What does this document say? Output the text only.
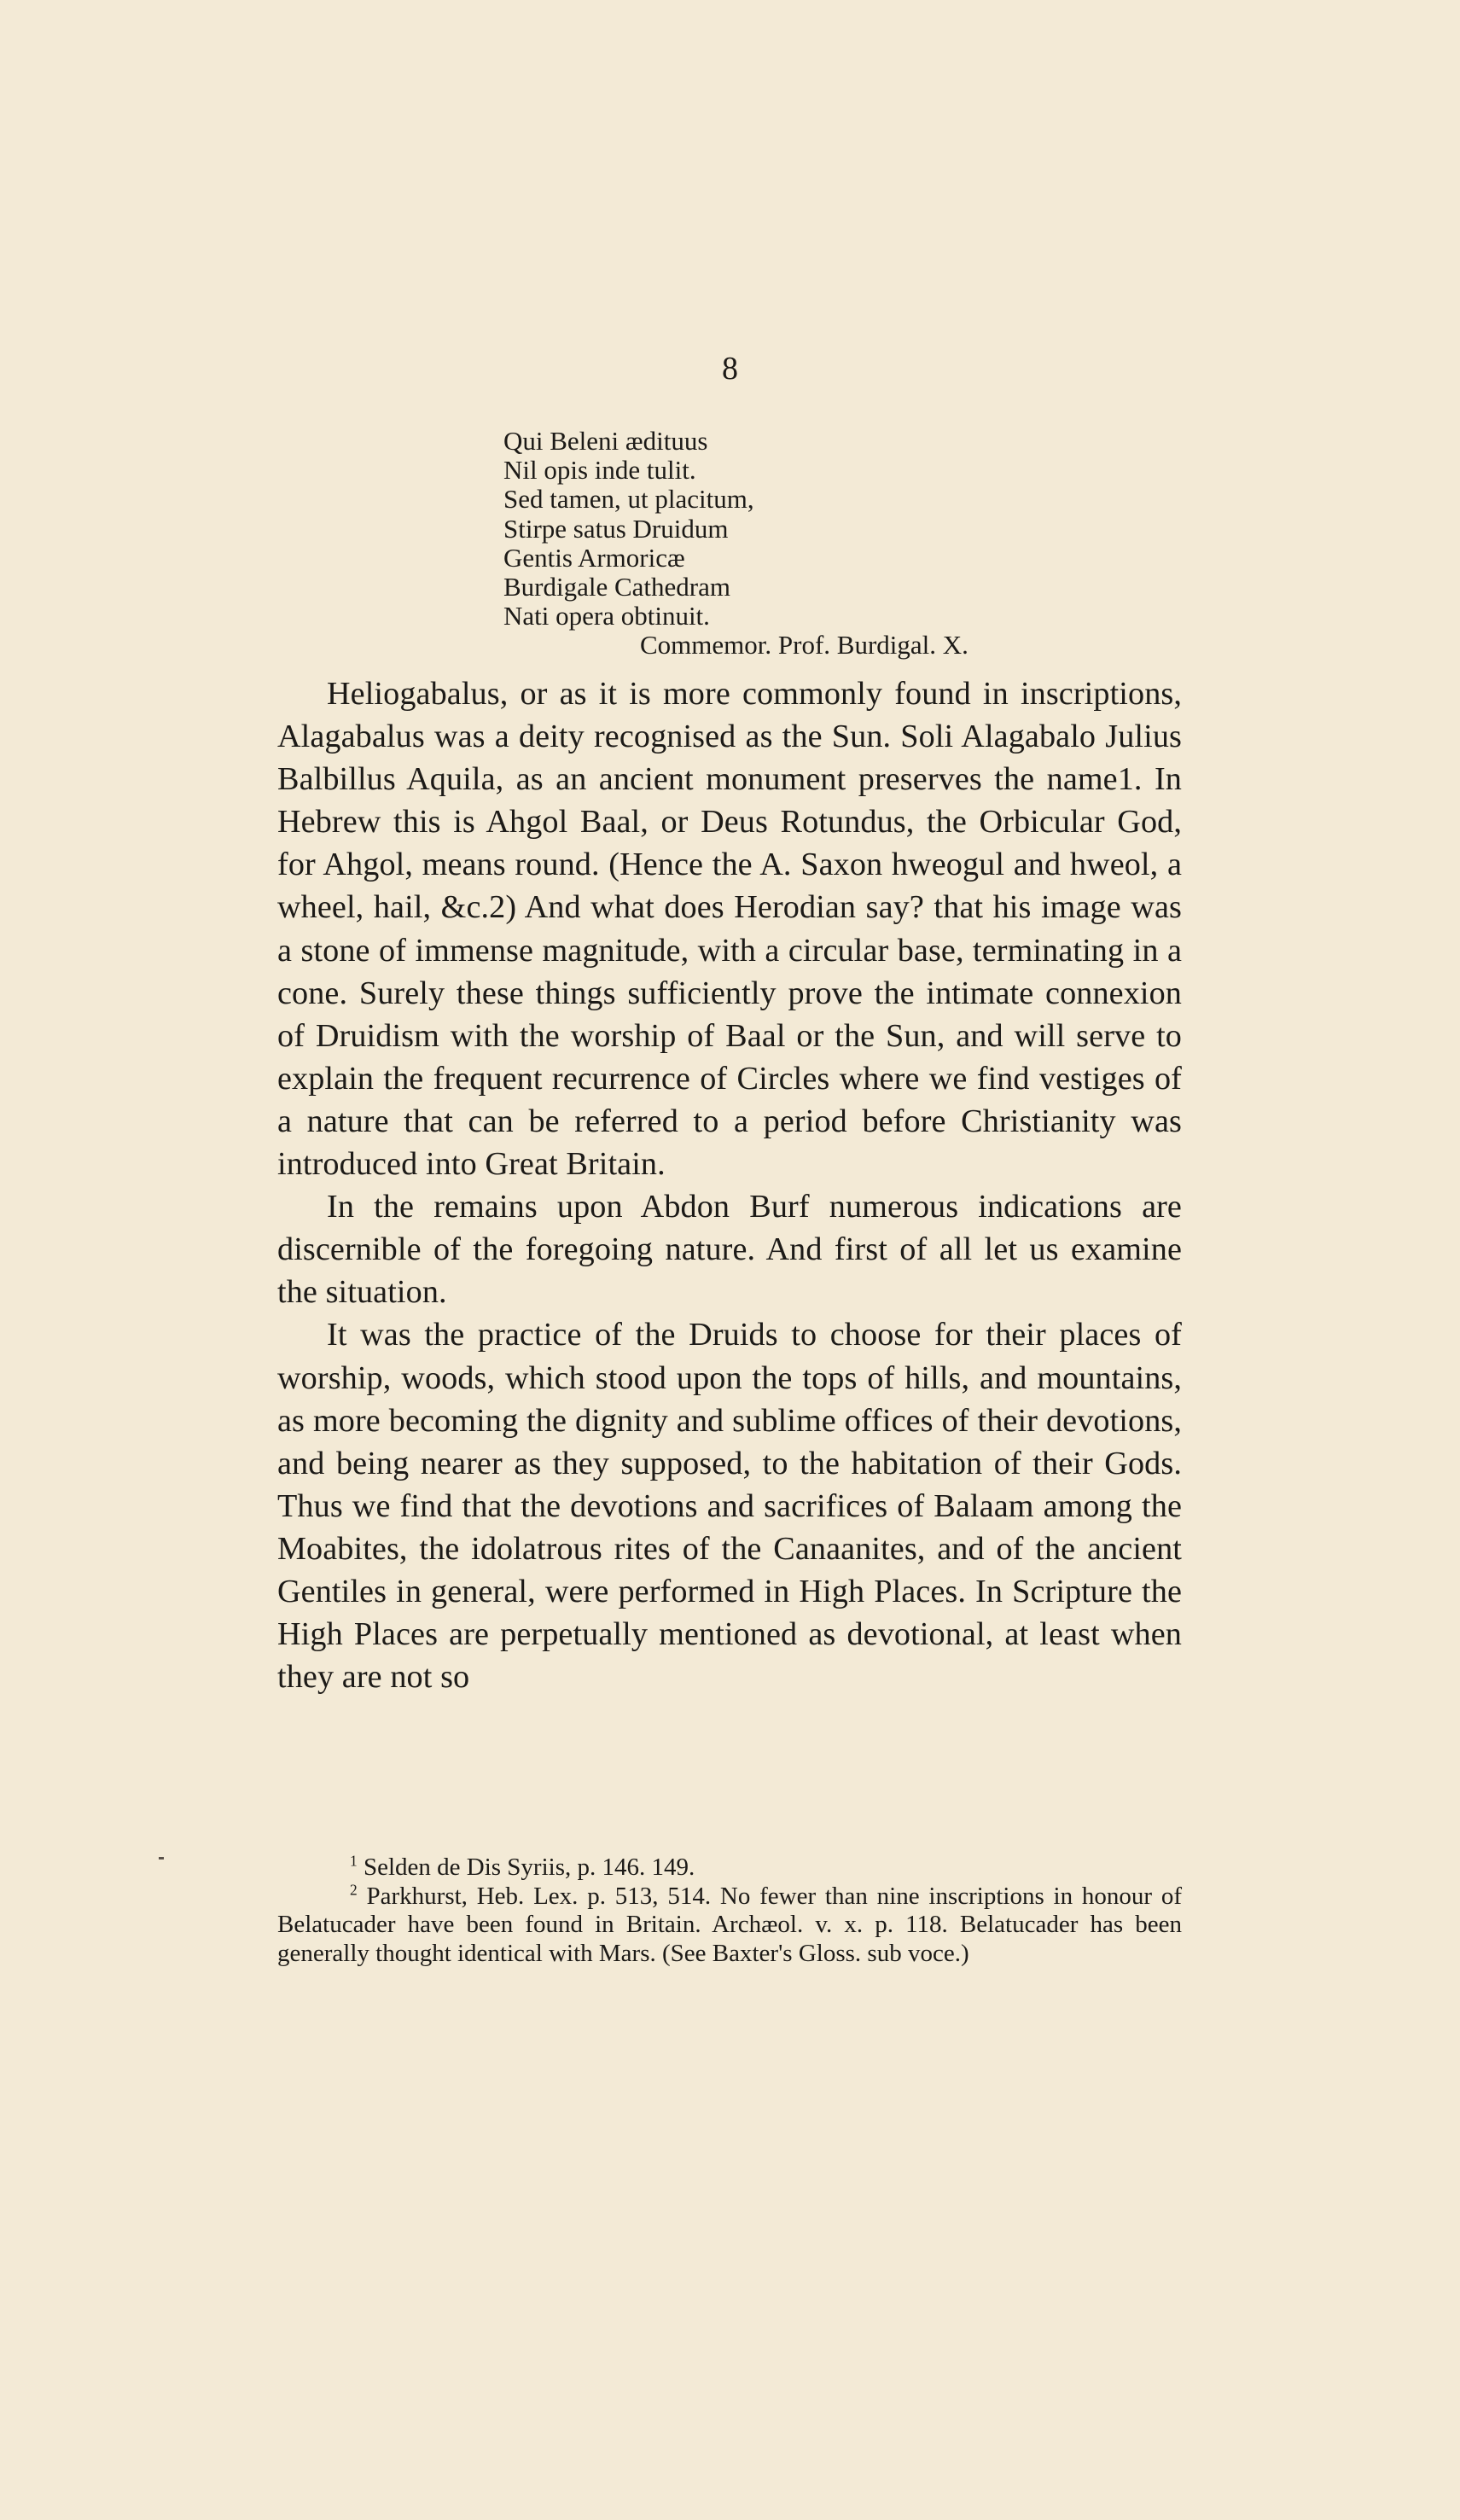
8
Qui Beleni ædituus
Nil opis inde tulit.
Sed tamen, ut placitum,
Stirpe satus Druidum
Gentis Armoricæ
Burdigale Cathedram
Nati opera obtinuit.
Commemor. Prof. Burdigal. X.

Heliogabalus, or as it is more commonly found in inscriptions, Alagabalus was a deity recognised as the Sun. Soli Alagabalo Julius Balbillus Aquila, as an ancient monument preserves the name1. In Hebrew this is Ahgol Baal, or Deus Rotundus, the Orbicular God, for Ahgol, means round. (Hence the A. Saxon hweogul and hweol, a wheel, hail, &c.2) And what does Herodian say? that his image was a stone of immense magnitude, with a circular base, terminating in a cone. Surely these things sufficiently prove the intimate connexion of Druidism with the worship of Baal or the Sun, and will serve to explain the frequent recurrence of Circles where we find vestiges of a nature that can be referred to a period before Christianity was introduced into Great Britain.

In the remains upon Abdon Burf numerous indications are discernible of the foregoing nature. And first of all let us examine the situation.

It was the practice of the Druids to choose for their places of worship, woods, which stood upon the tops of hills, and mountains, as more becoming the dignity and sublime offices of their devotions, and being nearer as they supposed, to the habitation of their Gods. Thus we find that the devotions and sacrifices of Balaam among the Moabites, the idolatrous rites of the Canaanites, and of the ancient Gentiles in general, were performed in High Places. In Scripture the High Places are perpetually mentioned as devotional, at least when they are not so

$^1$ Selden de Dis Syriis, p. 146. 149.

$^2$ Parkhurst, Heb. Lex. p. 513, 514. No fewer than nine inscriptions in honour of Belatucader have been found in Britain. Archæol. v. x. p. 118. Belatucader has been generally thought identical with Mars. (See Baxter's Gloss. sub voce.)
